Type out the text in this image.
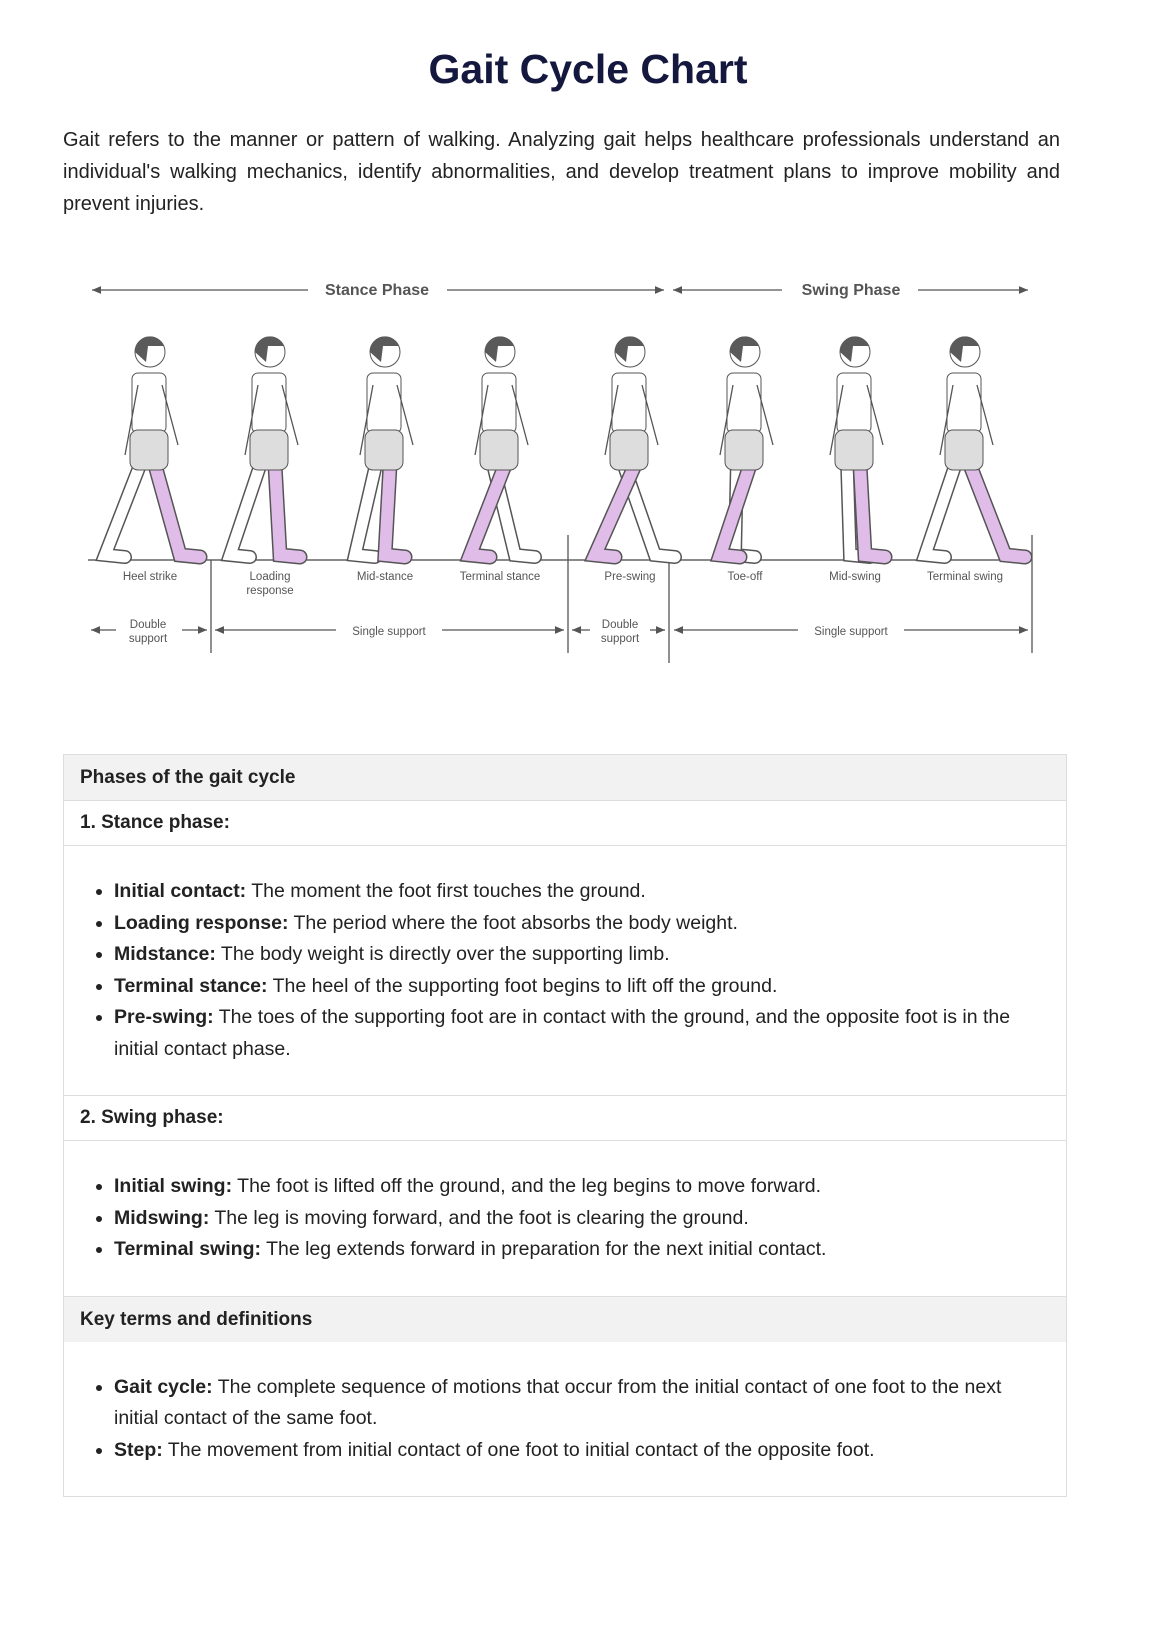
Gait Cycle Chart

Gait refers to the manner or pattern of walking. Analyzing gait helps healthcare professionals understand an individual's walking mechanics, identify abnormalities, and develop treatment plans to improve mobility and prevent injuries.

Stance Phase	Swing Phase
Heel strike	Loading response
Mid-stance	Terminal stance	Pre-swing	Toe-off	Mid-swing	Terminal swing
Double support
Single support
Double support
Single support
Phases of the gait cycle
1. Stance phase:
• Initial contact: The moment the foot first touches the ground.
• Loading response: The period where the foot absorbs the body weight.
• Midstance: The body weight is directly over the supporting limb.
• Terminal stance: The heel of the supporting foot begins to lift off the ground.
• Pre-swing: The toes of the supporting foot are in contact with the ground, and the opposite foot is in the initial contact phase.
2. Swing phase:
• Initial swing: The foot is lifted off the ground, and the leg begins to move forward.
• Midswing: The leg is moving forward, and the foot is clearing the ground.
• Terminal swing: The leg extends forward in preparation for the next initial contact.
Key terms and definitions
• Gait cycle: The complete sequence of motions that occur from the initial contact of one foot to the next initial contact of the same foot.
• Step: The movement from initial contact of one foot to initial contact of the opposite foot.
